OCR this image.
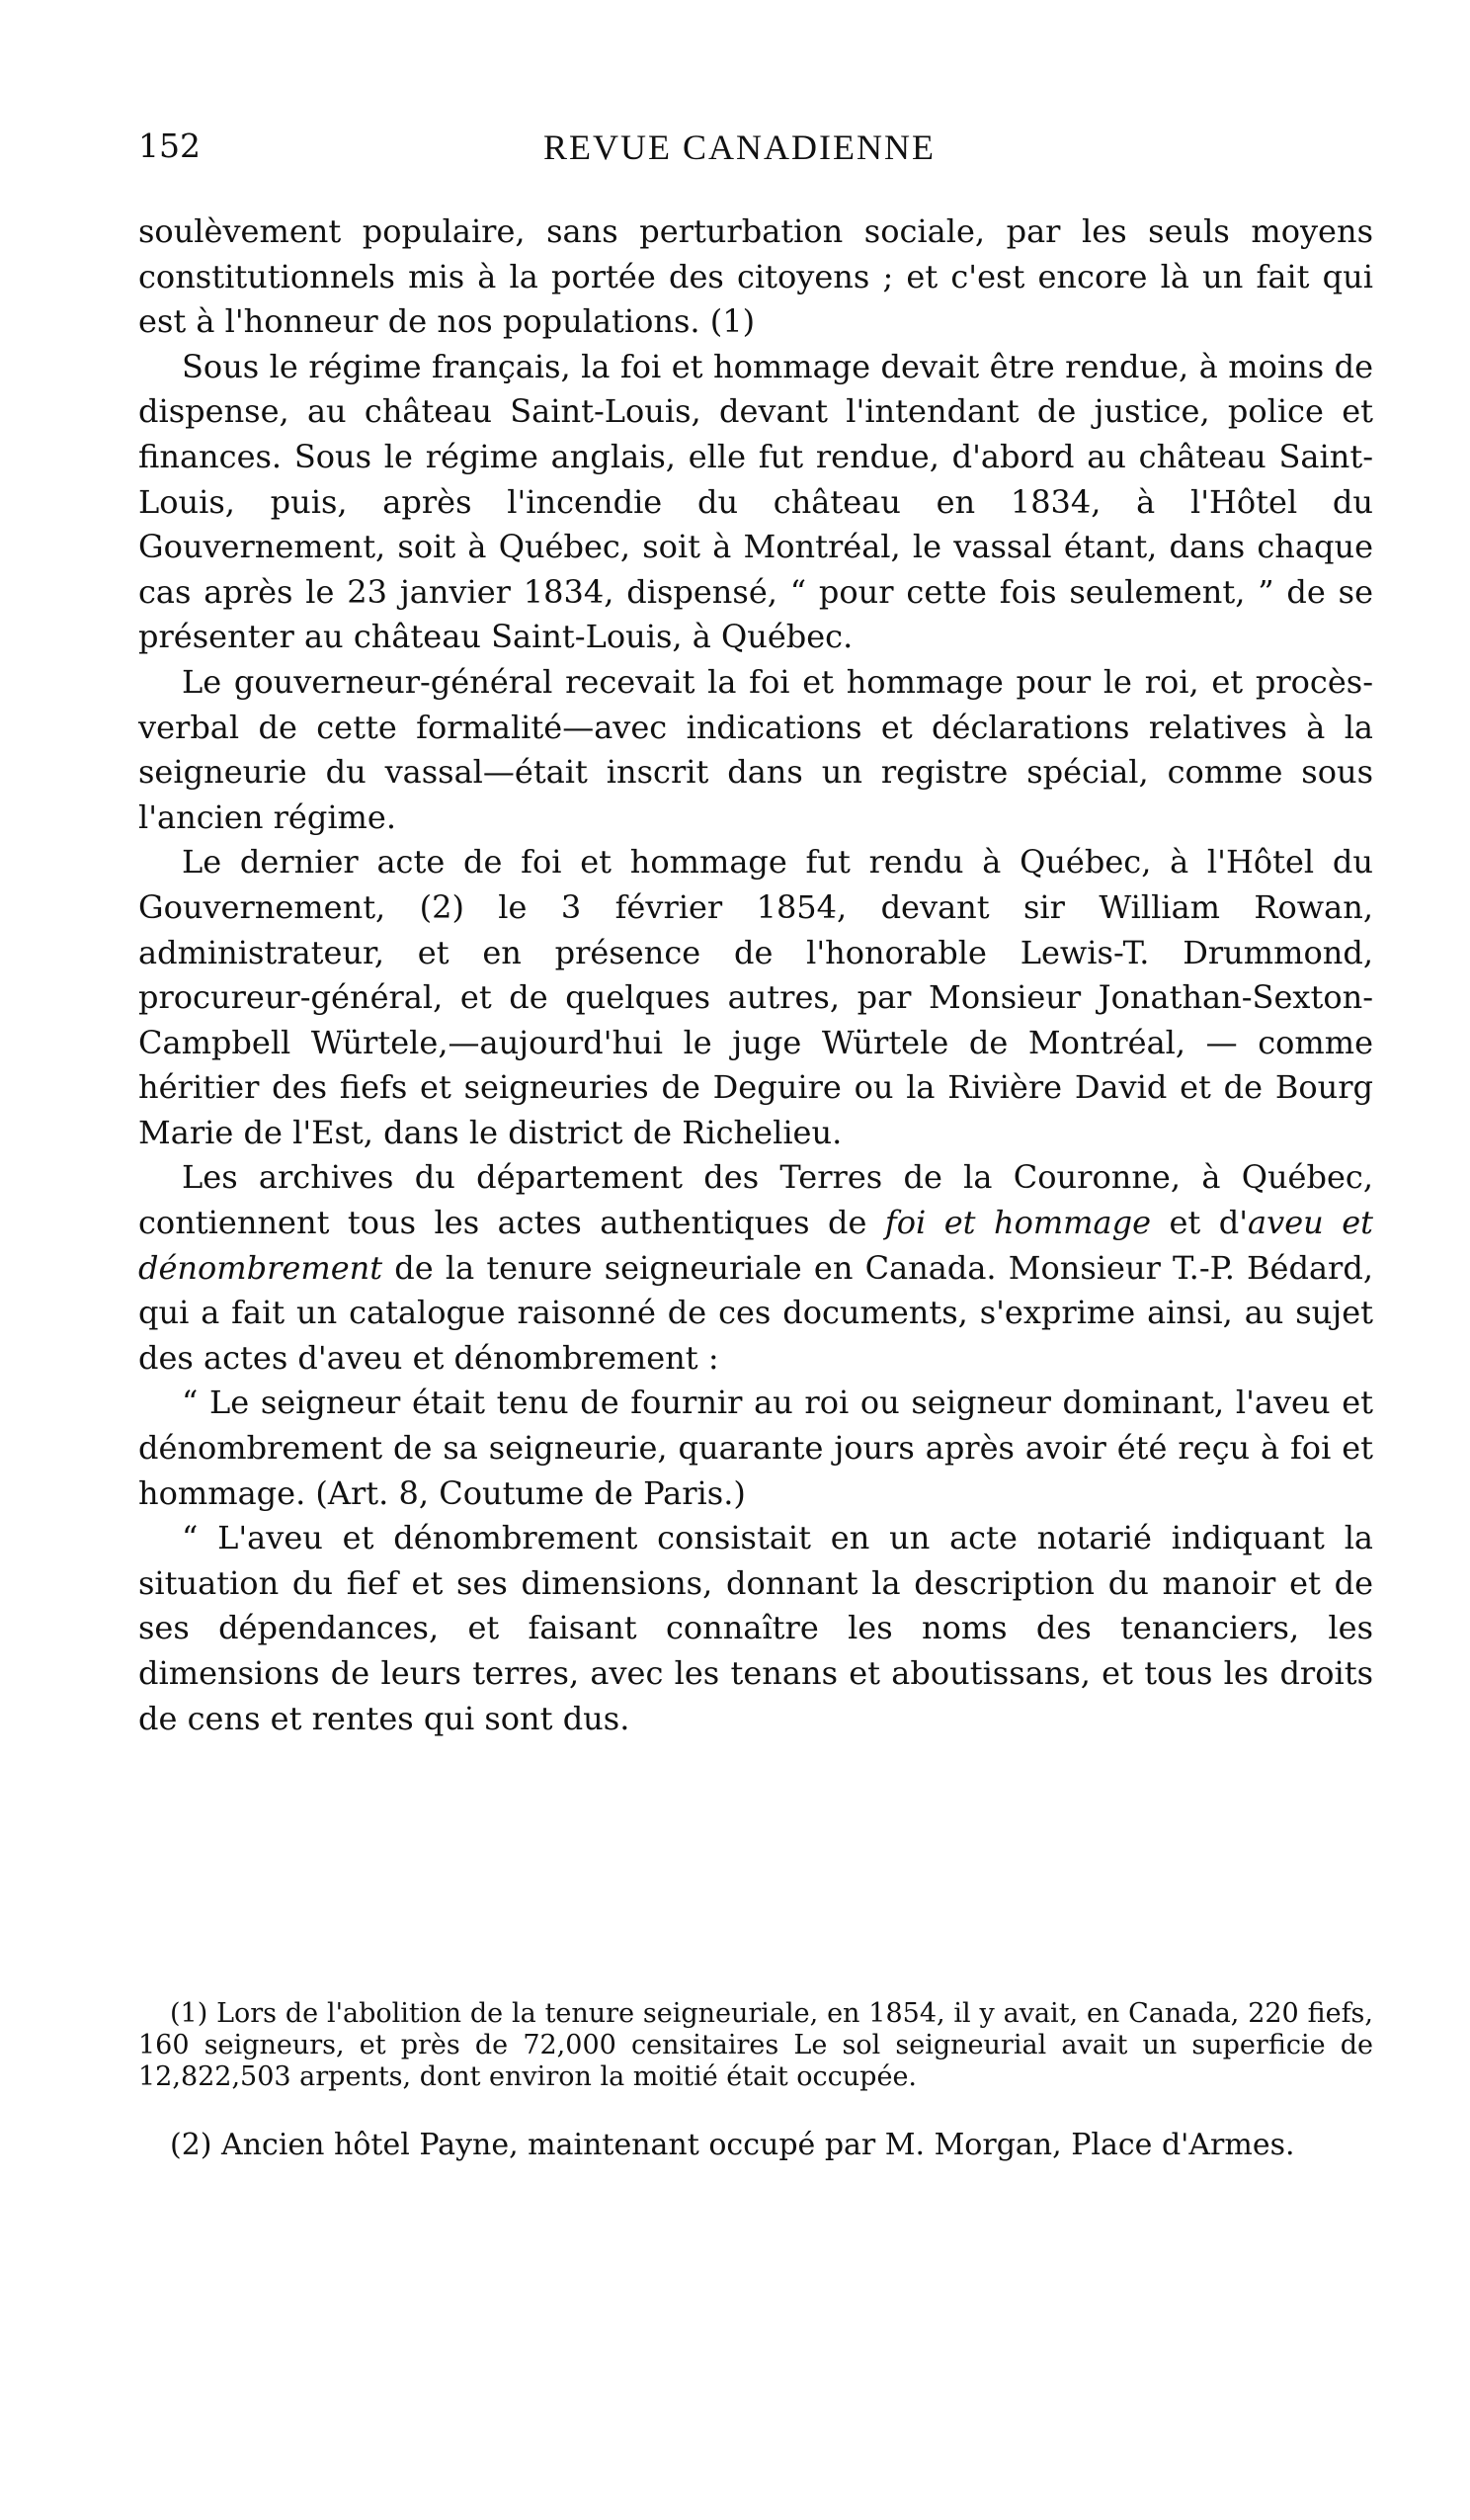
152	REVUE CANADIENNE

soulèvement populaire, sans perturbation sociale, par les seuls moyens constitutionnels mis à la portée des citoyens ; et c'est encore là un fait qui est à l'honneur de nos populations. (1)

Sous le régime français, la foi et hommage devait être rendue, à moins de dispense, au château Saint-Louis, devant l'intendant de justice, police et finances. Sous le régime anglais, elle fut rendue, d'abord au château Saint-Louis, puis, après l'incendie du château en 1834, à l'Hôtel du Gouvernement, soit à Québec, soit à Montréal, le vassal étant, dans chaque cas après le 23 janvier 1834, dispensé, “ pour cette fois seulement, ” de se présenter au château Saint-Louis, à Québec.

Le gouverneur-général recevait la foi et hommage pour le roi, et procès-verbal de cette formalité—avec indications et déclarations relatives à la seigneurie du vassal—était inscrit dans un registre spécial, comme sous l'ancien régime.

Le dernier acte de foi et hommage fut rendu à Québec, à l'Hôtel du Gouvernement, (2) le 3 février 1854, devant sir William Rowan, administrateur, et en présence de l'honorable Lewis-T. Drummond, procureur-général, et de quelques autres, par Monsieur Jonathan-Sexton-Campbell Würtele,—aujourd'hui le juge Würtele de Montréal, — comme héritier des fiefs et seigneuries de Deguire ou la Rivière David et de Bourg Marie de l'Est, dans le district de Richelieu.

Les archives du département des Terres de la Couronne, à Québec, contiennent tous les actes authentiques de foi et hommage et d'aveu et dénombrement de la tenure seigneuriale en Canada. Monsieur T.-P. Bédard, qui a fait un catalogue raisonné de ces documents, s'exprime ainsi, au sujet des actes d'aveu et dénombrement :

“ Le seigneur était tenu de fournir au roi ou seigneur dominant, l'aveu et dénombrement de sa seigneurie, quarante jours après avoir été reçu à foi et hommage. (Art. 8, Coutume de Paris.)

“ L'aveu et dénombrement consistait en un acte notarié indiquant la situation du fief et ses dimensions, donnant la description du manoir et de ses dépendances, et faisant connaître les noms des tenanciers, les dimensions de leurs terres, avec les tenans et aboutissans, et tous les droits de cens et rentes qui sont dus.

(1) Lors de l'abolition de la tenure seigneuriale, en 1854, il y avait, en Canada, 220 fiefs, 160 seigneurs, et près de 72,000 censitaires Le sol seigneurial avait un superficie de 12,822,503 arpents, dont environ la moitié était occupée.

(2) Ancien hôtel Payne, maintenant occupé par M. Morgan, Place d'Armes.
